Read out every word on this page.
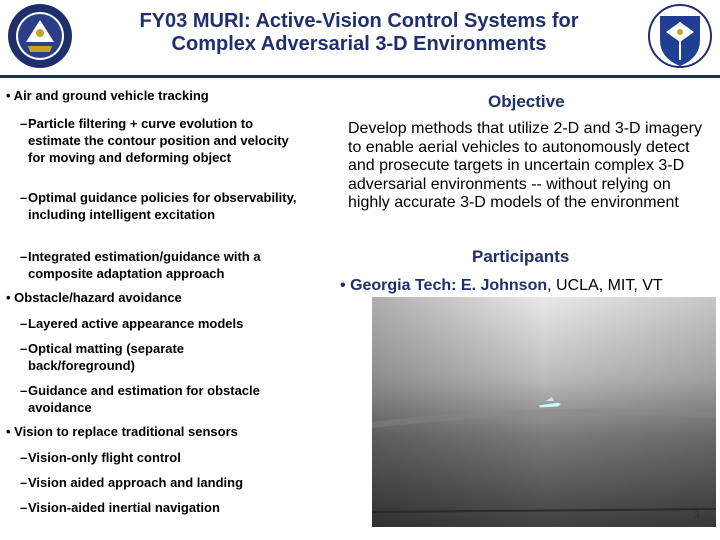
FY03 MURI: Active-Vision Control Systems for
Complex Adversarial 3-D Environments
• Air and ground vehicle tracking
– Particle filtering + curve evolution to estimate the contour position and velocity for moving and deforming object
– Optimal guidance policies for observability, including intelligent excitation
– Integrated estimation/guidance with a composite adaptation approach
• Obstacle/hazard avoidance
– Layered active appearance models
– Optical matting (separate back/foreground)
– Guidance and estimation for obstacle avoidance
• Vision to replace traditional sensors
– Vision-only flight control
– Vision aided approach and landing
– Vision-aided inertial navigation
Objective
Develop methods that utilize 2-D and 3-D imagery to enable aerial vehicles to autonomously detect and prosecute targets in uncertain complex 3-D adversarial environments -- without relying on highly accurate 3-D models of the environment
Participants
• Georgia Tech: E. Johnson, UCLA, MIT, VT
3
